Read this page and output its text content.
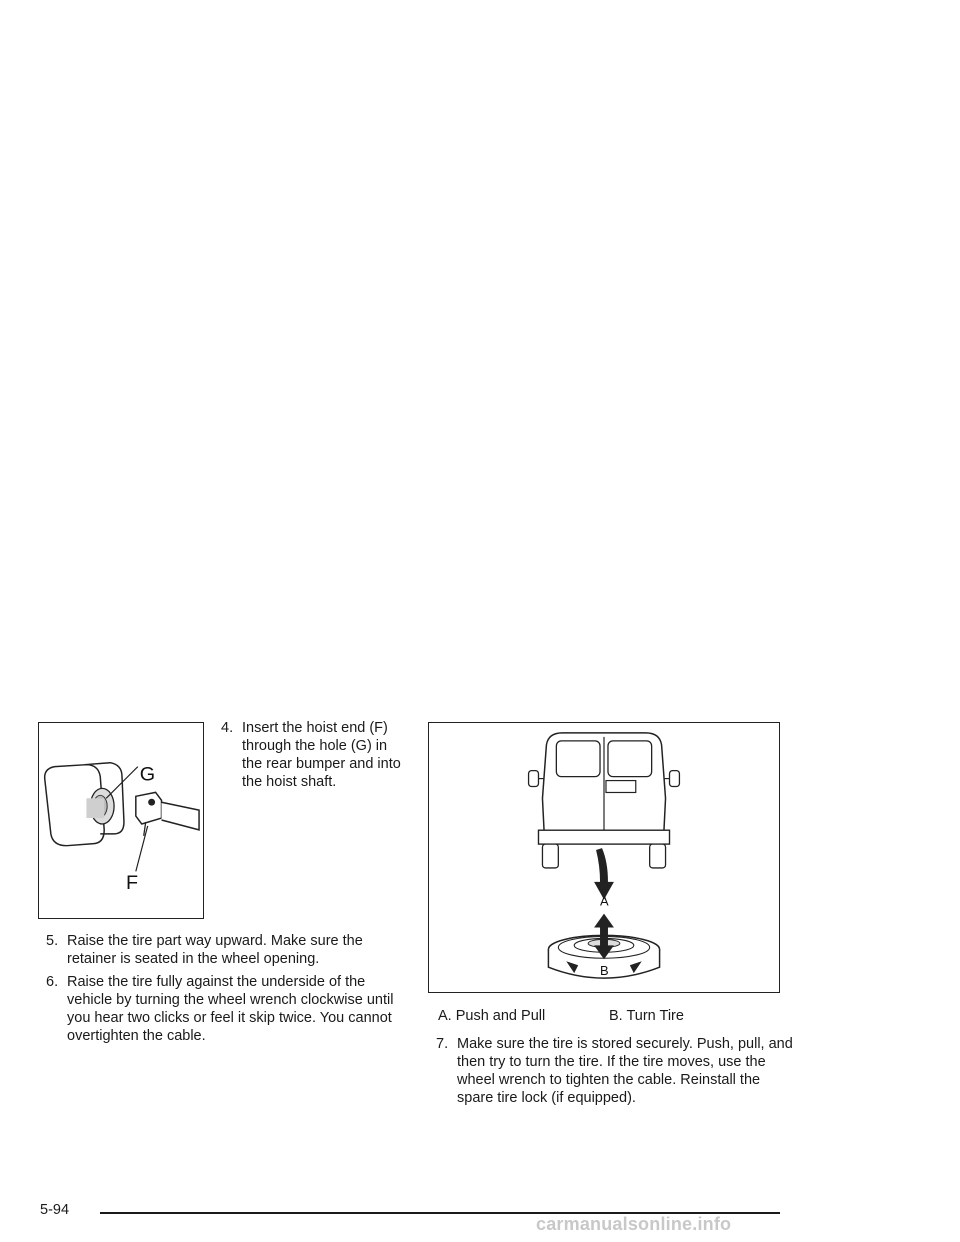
G
F
4. Insert the hoist end (F) through the hole (G) in the rear bumper and into the hoist shaft.
5. Raise the tire part way upward. Make sure the retainer is seated in the wheel opening.
6. Raise the tire fully against the underside of the vehicle by turning the wheel wrench clockwise until you hear two clicks or feel it skip twice. You cannot overtighten the cable.
A
B
A. Push and Pull	B. Turn Tire
7. Make sure the tire is stored securely. Push, pull, and then try to turn the tire. If the tire moves, use the wheel wrench to tighten the cable. Reinstall the spare tire lock (if equipped).
5-94
carmanualsonline.info
